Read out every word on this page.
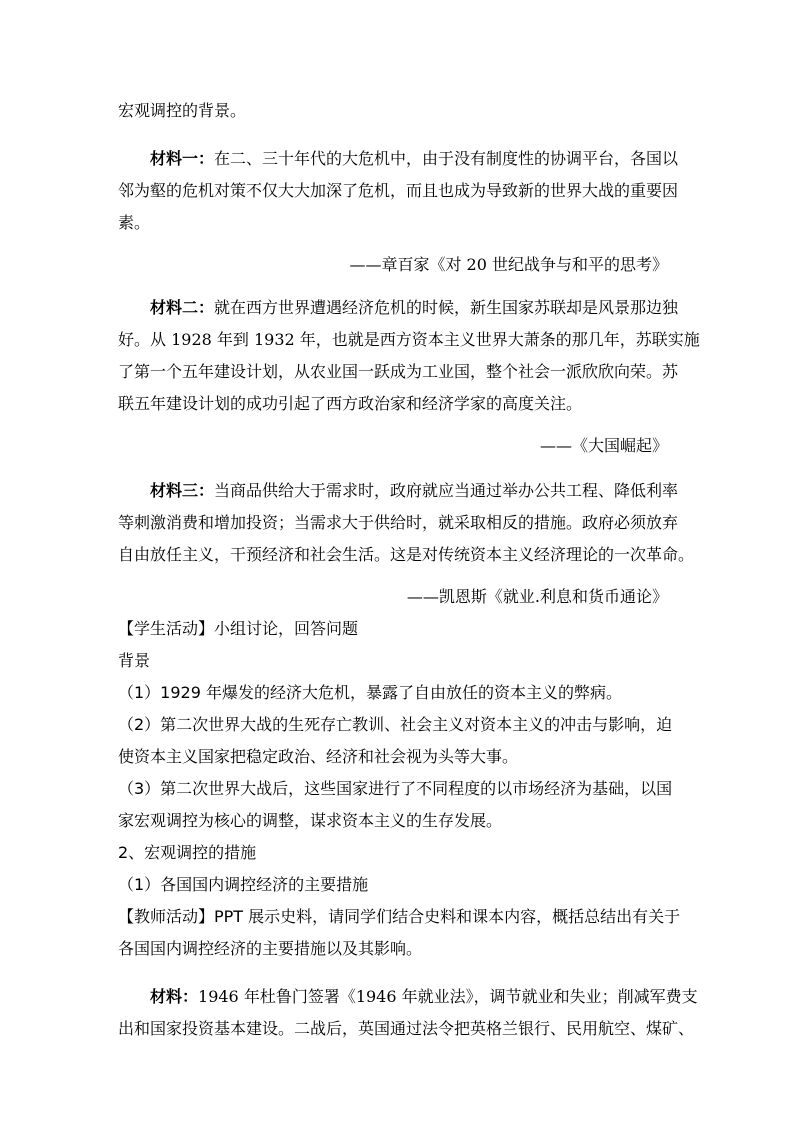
宏观调控的背景。
材料一：在二、三十年代的大危机中，由于没有制度性的协调平台，各国以
邻为壑的危机对策不仅大大加深了危机，而且也成为导致新的世界大战的重要因
素。
——章百家《对 20 世纪战争与和平的思考》
材料二：就在西方世界遭遇经济危机的时候，新生国家苏联却是风景那边独
好。从 1928 年到 1932 年，也就是西方资本主义世界大萧条的那几年，苏联实施
了第一个五年建设计划，从农业国一跃成为工业国，整个社会一派欣欣向荣。苏
联五年建设计划的成功引起了西方政治家和经济学家的高度关注。
——《大国崛起》
材料三：当商品供给大于需求时，政府就应当通过举办公共工程、降低利率
等刺激消费和增加投资；当需求大于供给时，就采取相反的措施。政府必须放弃
自由放任主义，干预经济和社会生活。这是对传统资本主义经济理论的一次革命。
——凯恩斯《就业.利息和货币通论》
【学生活动】小组讨论，回答问题
背景
（1）1929 年爆发的经济大危机，暴露了自由放任的资本主义的弊病。
（2）第二次世界大战的生死存亡教训、社会主义对资本主义的冲击与影响，迫
使资本主义国家把稳定政治、经济和社会视为头等大事。
（3）第二次世界大战后，这些国家进行了不同程度的以市场经济为基础，以国
家宏观调控为核心的调整，谋求资本主义的生存发展。
2、宏观调控的措施
（1）各国国内调控经济的主要措施
【教师活动】PPT 展示史料，请同学们结合史料和课本内容，概括总结出有关于
各国国内调控经济的主要措施以及其影响。
材料：1946 年杜鲁门签署《1946 年就业法》，调节就业和失业；削减军费支
出和国家投资基本建设。二战后，英国通过法令把英格兰银行、民用航空、煤矿、
